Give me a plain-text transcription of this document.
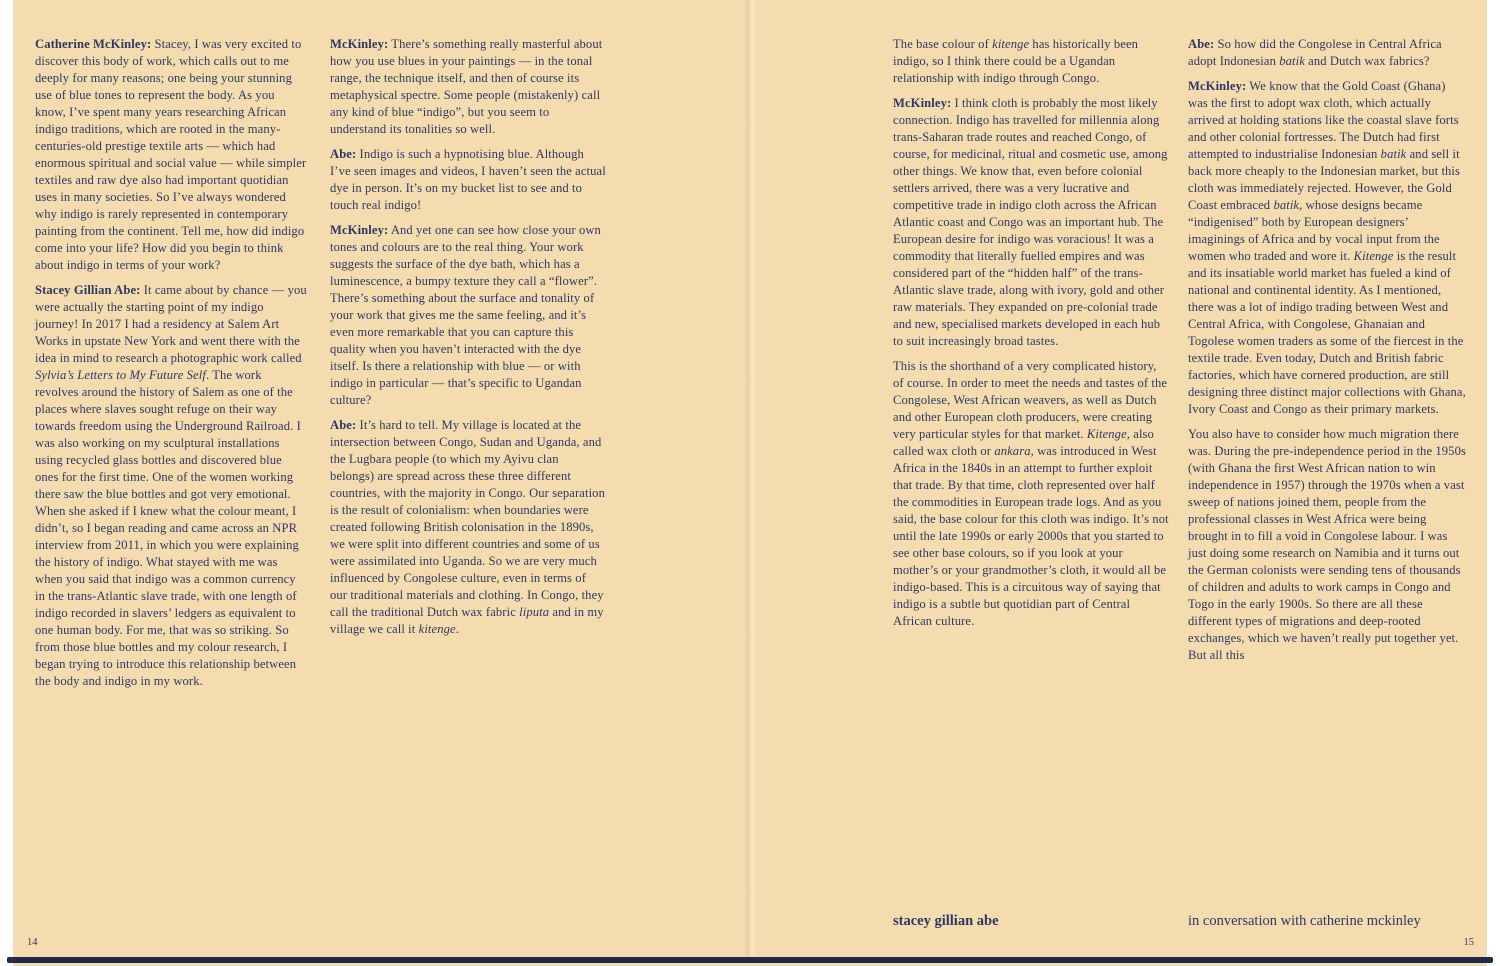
Catherine McKinley: Stacey, I was very excited to discover this body of work, which calls out to me deeply for many reasons; one being your stunning use of blue tones to represent the body. As you know, I’ve spent many years researching African indigo traditions, which are rooted in the many-centuries-old prestige textile arts — which had enormous spiritual and social value — while simpler textiles and raw dye also had important quotidian uses in many societies. So I’ve always wondered why indigo is rarely represented in contemporary painting from the continent. Tell me, how did indigo come into your life? How did you begin to think about indigo in terms of your work?

Stacey Gillian Abe: It came about by chance — you were actually the starting point of my indigo journey! In 2017 I had a residency at Salem Art Works in upstate New York and went there with the idea in mind to research a photographic work called Sylvia’s Letters to My Future Self. The work revolves around the history of Salem as one of the places where slaves sought refuge on their way towards freedom using the Underground Railroad. I was also working on my sculptural installations using recycled glass bottles and discovered blue ones for the first time. One of the women working there saw the blue bottles and got very emotional. When she asked if I knew what the colour meant, I didn’t, so I began reading and came across an NPR interview from 2011, in which you were explaining the history of indigo. What stayed with me was when you said that indigo was a common currency in the trans-Atlantic slave trade, with one length of indigo recorded in slavers’ ledgers as equivalent to one human body. For me, that was so striking. So from those blue bottles and my colour research, I began trying to introduce this relationship between the body and indigo in my work.

McKinley: There’s something really masterful about how you use blues in your paintings — in the tonal range, the technique itself, and then of course its metaphysical spectre. Some people (mistakenly) call any kind of blue “indigo”, but you seem to understand its tonalities so well.

Abe: Indigo is such a hypnotising blue. Although I’ve seen images and videos, I haven’t seen the actual dye in person. It’s on my bucket list to see and to touch real indigo!

McKinley: And yet one can see how close your own tones and colours are to the real thing. Your work suggests the surface of the dye bath, which has a luminescence, a bumpy texture they call a “flower”. There’s something about the surface and tonality of your work that gives me the same feeling, and it’s even more remarkable that you can capture this quality when you haven’t interacted with the dye itself. Is there a relationship with blue — or with indigo in particular — that’s specific to Ugandan culture?

Abe: It’s hard to tell. My village is located at the intersection between Congo, Sudan and Uganda, and the Lugbara people (to which my Ayivu clan belongs) are spread across these three different countries, with the majority in Congo. Our separation is the result of colonialism: when boundaries were created following British colonisation in the 1890s, we were split into different countries and some of us were assimilated into Uganda. So we are very much influenced by Congolese culture, even in terms of our traditional materials and clothing. In Congo, they call the traditional Dutch wax fabric liputa and in my village we call it kitenge.

The base colour of kitenge has historically been indigo, so I think there could be a Ugandan relationship with indigo through Congo.

McKinley: I think cloth is probably the most likely connection. Indigo has travelled for millennia along trans-Saharan trade routes and reached Congo, of course, for medicinal, ritual and cosmetic use, among other things. We know that, even before colonial settlers arrived, there was a very lucrative and competitive trade in indigo cloth across the African Atlantic coast and Congo was an important hub. The European desire for indigo was voracious! It was a commodity that literally fuelled empires and was considered part of the “hidden half” of the trans-Atlantic slave trade, along with ivory, gold and other raw materials. They expanded on pre-colonial trade and new, specialised markets developed in each hub to suit increasingly broad tastes.

This is the shorthand of a very complicated history, of course. In order to meet the needs and tastes of the Congolese, West African weavers, as well as Dutch and other European cloth producers, were creating very particular styles for that market. Kitenge, also called wax cloth or ankara, was introduced in West Africa in the 1840s in an attempt to further exploit that trade. By that time, cloth represented over half the commodities in European trade logs. And as you said, the base colour for this cloth was indigo. It’s not until the late 1990s or early 2000s that you started to see other base colours, so if you look at your mother’s or your grandmother’s cloth, it would all be indigo-based. This is a circuitous way of saying that indigo is a subtle but quotidian part of Central African culture.

Abe: So how did the Congolese in Central Africa adopt Indonesian batik and Dutch wax fabrics?

McKinley: We know that the Gold Coast (Ghana) was the first to adopt wax cloth, which actually arrived at holding stations like the coastal slave forts and other colonial fortresses. The Dutch had first attempted to industrialise Indonesian batik and sell it back more cheaply to the Indonesian market, but this cloth was immediately rejected. However, the Gold Coast embraced batik, whose designs became “indigenised” both by European designers’ imaginings of Africa and by vocal input from the women who traded and wore it. Kitenge is the result and its insatiable world market has fueled a kind of national and continental identity. As I mentioned, there was a lot of indigo trading between West and Central Africa, with Congolese, Ghanaian and Togolese women traders as some of the fiercest in the textile trade. Even today, Dutch and British fabric factories, which have cornered production, are still designing three distinct major collections with Ghana, Ivory Coast and Congo as their primary markets.

You also have to consider how much migration there was. During the pre-independence period in the 1950s (with Ghana the first West African nation to win independence in 1957) through the 1970s when a vast sweep of nations joined them, people from the professional classes in West Africa were being brought in to fill a void in Congolese labour. I was just doing some research on Namibia and it turns out the German colonists were sending tens of thousands of children and adults to work camps in Congo and Togo in the early 1900s. So there are all these different types of migrations and deep-rooted exchanges, which we haven’t really put together yet. But all this

stacey gillian abe	in conversation with catherine mckinley
14	15
